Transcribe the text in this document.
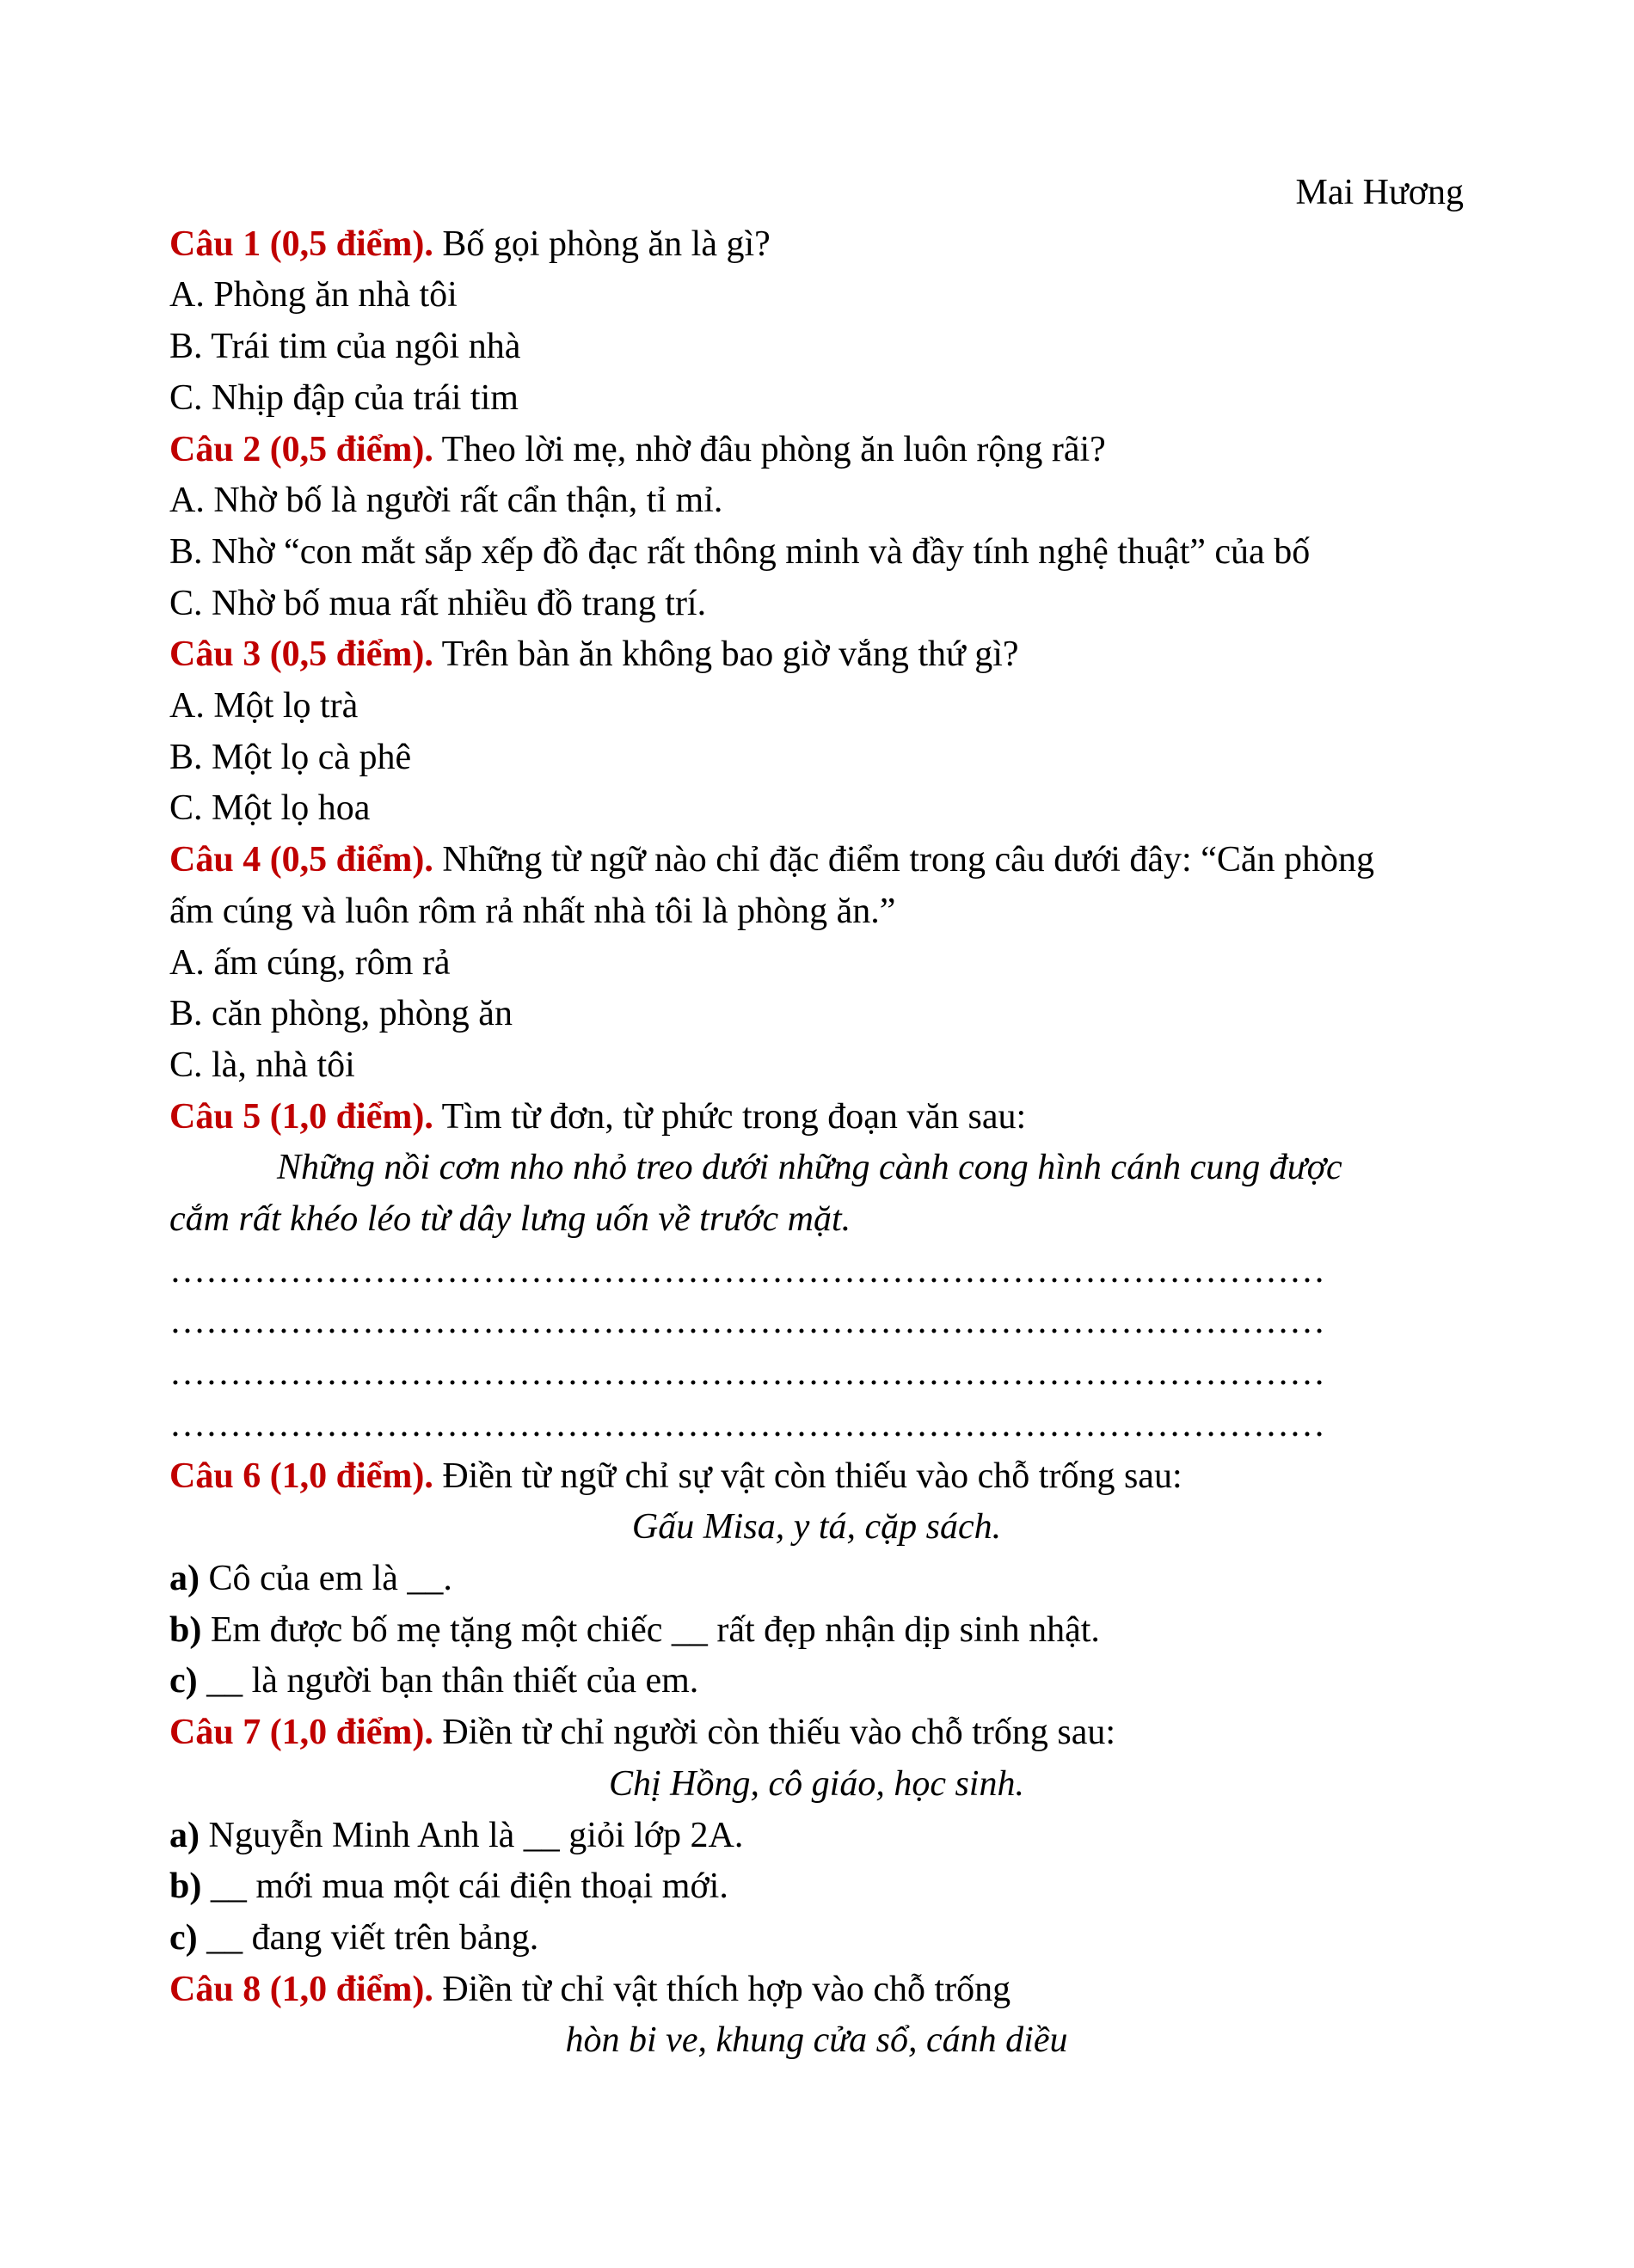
Mai Hương
Câu 1 (0,5 điểm). Bố gọi phòng ăn là gì?
A. Phòng ăn nhà tôi
B. Trái tim của ngôi nhà
C. Nhịp đập của trái tim
Câu 2 (0,5 điểm). Theo lời mẹ, nhờ đâu phòng ăn luôn rộng rãi?
A. Nhờ bố là người rất cẩn thận, tỉ mỉ.
B. Nhờ “con mắt sắp xếp đồ đạc rất thông minh và đầy tính nghệ thuật” của bố
C. Nhờ bố mua rất nhiều đồ trang trí.
Câu 3 (0,5 điểm). Trên bàn ăn không bao giờ vắng thứ gì?
A. Một lọ trà
B. Một lọ cà phê
C. Một lọ hoa
Câu 4 (0,5 điểm). Những từ ngữ nào chỉ đặc điểm trong câu dưới đây: “Căn phòng
ấm cúng và luôn rôm rả nhất nhà tôi là phòng ăn.”
A. ấm cúng, rôm rả
B. căn phòng, phòng ăn
C. là, nhà tôi
Câu 5 (1,0 điểm). Tìm từ đơn, từ phức trong đoạn văn sau:
Những nồi cơm nho nhỏ treo dưới những cành cong hình cánh cung được
cắm rất khéo léo từ dây lưng uốn về trước mặt.
……………………………………………………………………………………
……………………………………………………………………………………
……………………………………………………………………………………
……………………………………………………………………………………
Câu 6 (1,0 điểm). Điền từ ngữ chỉ sự vật còn thiếu vào chỗ trống sau:
Gấu Misa, y tá, cặp sách.
a) Cô của em là __.
b) Em được bố mẹ tặng một chiếc __ rất đẹp nhận dịp sinh nhật.
c) __ là người bạn thân thiết của em.
Câu 7 (1,0 điểm). Điền từ chỉ người còn thiếu vào chỗ trống sau:
Chị Hồng, cô giáo, học sinh.
a) Nguyễn Minh Anh là __ giỏi lớp 2A.
b) __ mới mua một cái điện thoại mới.
c) __ đang viết trên bảng.
Câu 8 (1,0 điểm). Điền từ chỉ vật thích hợp vào chỗ trống
hòn bi ve, khung cửa sổ, cánh diều
